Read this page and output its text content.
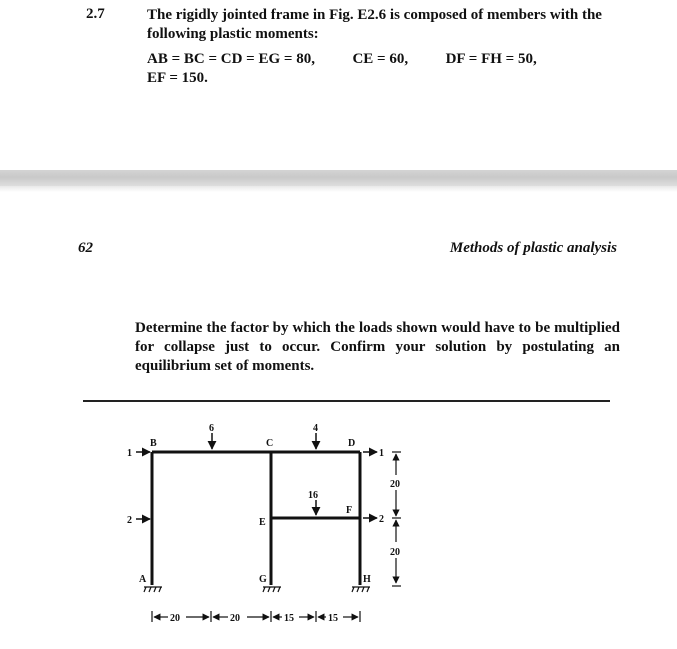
2.7	The rigidly jointed frame in Fig. E2.6 is composed of members with the

following plastic moments:

AB = BC = CD = EG = 80,	CE = 60,	DF = FH = 50,
EF = 150.
62	Methods of plastic analysis
Determine the factor by which the loads shown would have to be multiplied for collapse just to occur. Confirm your solution by postulating an equilibrium set of moments.
A
B	C	D
E
F
G	H
6	4
16
1
2
1
2
20
20
20	20	15	15
